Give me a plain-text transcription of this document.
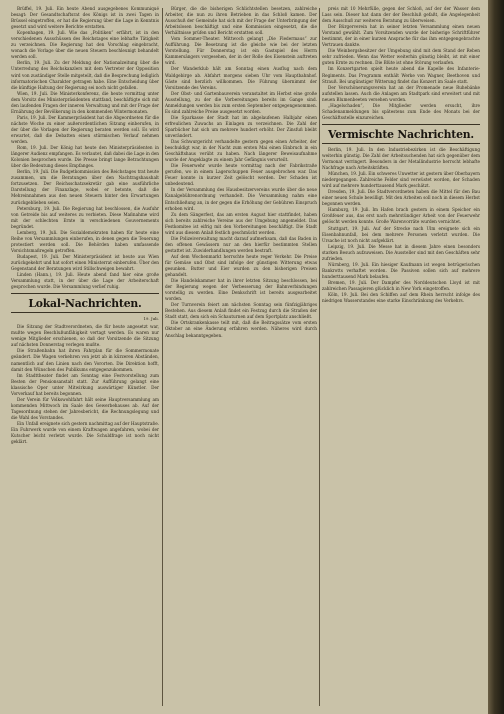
Brüffel, 19. Juli. Ein heute Abend ausgegebenes Kommuniqué besagt: Der Gesandtschaftsrat des Königs ist in zwei Tagen in Brüssel eingetroffen, er hat die Regierung über die Lage in Kenntnis gesetzt und wird weitere Berichte erstatten.

Kopenhagen, 19. Juli. Wie das „Politiken“ erfährt, ist in den verschiedenen Ausschüssen des Reichstages eine lebhafte Tätigkeit zu verzeichnen. Die Regierung hat den Vorschlag eingebracht, wonach die Vorlage über die neuen Steuern beschleunigt behandelt werden soll.

Berlin, 19. Juli. Zu der Meldung der Nationalzeitung über die Unterredung des Reichskanzlers mit dem Vertreter der Opposition wird von zuständiger Stelle mitgeteilt, daß die Besprechung lediglich informatorischen Charakter getragen habe. Eine Entscheidung über die künftige Haltung der Regierung sei noch nicht gefallen.

Wien, 19. Juli. Die Ministerkonferenz, die heute vormittag unter dem Vorsitz des Ministerpräsidenten stattfand, beschäftigte sich mit den laufenden Fragen der inneren Verwaltung und mit der Frage der Ernährung der Bevölkerung in den kommenden Wintermonaten.

Paris, 19. Juli. Der Kammerpräsident hat die Abgeordneten für die nächste Woche zu einer außerordentlichen Sitzung einberufen, in der über die Vorlagen der Regierung beraten werden soll. Es wird erwartet, daß die Debatten einen stürmischen Verlauf nehmen werden.

Rom, 19. Juli. Der König hat heute den Ministerpräsidenten in längerer Audienz empfangen. Es verlautet, daß dabei die Lage in den Kolonien besprochen wurde. Die Presse bringt lange Betrachtungen über die Bedeutung dieses Empfanges.

Berlin, 19. Juli. Die Budgetkommission des Reichstages trat heute zusammen, um die Beratungen über den Nachtragshaushalt fortzusetzen. Der Reichsschatzsekretär gab eine ausführliche Darstellung der Finanzlage, wobei er betonte, daß die Mehreinnahmen aus den neuen Steuern hinter den Erwartungen zurückgeblieben seien.

Petersburg, 19. Juli. Die Regierung hat beschlossen, die Ausfuhr von Getreide bis auf weiteres zu verbieten. Diese Maßnahme wird mit der schlechten Ernte in verschiedenen Gouvernements begründet.

Lemberg, 19. Juli. Die Sozialdemokraten haben für heute eine Reihe von Versammlungen einberufen, in denen gegen die Teuerung protestiert werden soll. Die Behörden haben umfassende Vorsichtsmaßregeln getroffen.

Budapest, 19. Juli. Der Ministerpräsident ist heute aus Wien zurückgekehrt und hat sofort einen Ministerrat einberufen. Über den Gegenstand der Beratungen wird Stillschweigen bewahrt.

Linden (Hann.), 19. Juli. Heute abend fand hier eine große Versammlung statt, in der über die Lage der Arbeiterschaft gesprochen wurde. Die Versammlung verlief ruhig.

Lokal-Nachrichten.
19. Juli.

Die Sitzung der Stadtverordneten, die für heute angesetzt war, mußte wegen Beschlußunfähigkeit vertagt werden. Es waren nur wenige Mitglieder erschienen, so daß der Vorsitzende die Sitzung auf nächsten Donnerstag verlegen mußte.

Die Straßenbahn hat ihren Fahrplan für die Sommermonate geändert. Die Wagen verkehren von jetzt ab in kürzeren Abständen, namentlich auf den Linien nach den Vororten. Die Direktion hofft, damit den Wünschen des Publikums entgegenzukommen.

Im Stadttheater findet am Sonntag eine Festvorstellung zum Besten der Pensionsanstalt statt. Zur Aufführung gelangt eine klassische Oper unter Mitwirkung auswärtiger Künstler. Der Vorverkauf hat bereits begonnen.

Der Verein für Volkswohlfahrt hält seine Hauptversammlung am kommenden Mittwoch im Saale des Gewerbehauses ab. Auf der Tagesordnung stehen der Jahresbericht, die Rechnungslegung und die Wahl des Vorstandes.

Ein Unfall ereignete sich gestern nachmittag auf der Hauptstraße. Ein Fuhrwerk wurde von einem Kraftwagen angefahren, wobei der Kutscher leicht verletzt wurde. Die Schuldfrage ist noch nicht geklärt.

Bürger, die die bisherigen Schlichtstellen besetzen, zahlreiche Arbeiter, die nun zu ihren Betrieben in das Schloß kamen. Der Ausschuß der Gemeinde hat sich mit der Frage der Unterbringung der Arbeitslosen beschäftigt und eine Kommission eingesetzt, die die Verhältnisse prüfen und Bericht erstatten soll.

Vom Sommer-Theater. Mittwoch gelangt „Die Fledermaus“ zur Aufführung. Die Besetzung ist die gleiche wie bei der letzten Vorstellung. Für Donnerstag ist ein Gastspiel des Herrn Kammersängers vorgesehen, der in der Rolle des Eisenstein auftreten wird.

Der Wanderklub hält am Sonntag einen Ausflug nach dem Waldgebirge ab. Abfahrt morgens sieben Uhr vom Hauptbahnhof. Gäste sind herzlich willkommen. Die Führung übernimmt der Vorsitzende des Vereins.

Der Obst- und Gartenbauverein veranstaltet im Herbst eine große Ausstellung, zu der die Vorbereitungen bereits im Gange sind. Anmeldungen werden bis zum ersten September entgegengenommen. Es sind zahlreiche Preise ausgesetzt worden.

Die Sparkasse der Stadt hat im abgelaufenen Halbjahr einen erfreulichen Zuwachs an Einlagen zu verzeichnen. Die Zahl der Sparbücher hat sich um mehrere hundert erhöht. Der Zinsfuß bleibt unverändert.

Das Schwurgericht verhandelte gestern gegen einen Arbeiter, der beschuldigt war, in der Nacht zum ersten Mai einen Einbruch in ein Geschäftshaus verübt zu haben. Nach längerer Beweisaufnahme wurde der Angeklagte zu einem Jahr Gefängnis verurteilt.

Die Feuerwehr wurde heute vormittag nach der Fabrikstraße gerufen, wo in einem Lagerschuppen Feuer ausgebrochen war. Das Feuer konnte in kurzer Zeit gelöscht werden. Der Schaden ist unbedeutend.

In der Versammlung des Hausbesitzervereins wurde über die neue Kanalgebührenordnung verhandelt. Die Versammlung nahm eine Entschließung an, in der gegen die Erhöhung der Gebühren Einspruch erhoben wird.

Zu dem Sängerfest, das am ersten August hier stattfindet, haben sich bereits zahlreiche Vereine aus der Umgebung angemeldet. Das Festkomitee ist eifrig mit den Vorbereitungen beschäftigt. Die Stadt wird aus diesem Anlaß festlich geschmückt werden.

Die Polizeiverwaltung macht darauf aufmerksam, daß das Baden in den offenen Gewässern nur an den hierfür bestimmten Stellen gestattet ist. Zuwiderhandlungen werden bestraft.

Auf dem Wochenmarkt herrschte heute reger Verkehr. Die Preise für Gemüse und Obst sind infolge der günstigen Witterung etwas gesunken. Butter und Eier wurden zu den bisherigen Preisen gehandelt.

Die Handelskammer hat in ihrer letzten Sitzung beschlossen, bei der Regierung wegen der Verbesserung der Bahnverbindungen vorstellig zu werden. Eine Denkschrift ist bereits ausgearbeitet worden.

Der Turnverein feiert am nächsten Sonntag sein fünfzigjähriges Bestehen. Aus diesem Anlaß findet ein Festzug durch die Straßen der Stadt statt, dem sich ein Schauturnen auf dem Sportplatz anschließt.

Die Ortskrankenkasse teilt mit, daß die Beitragssätze vom ersten Oktober an eine Änderung erfahren werden. Näheres wird durch Anschlag bekanntgegeben.

preis mit 10 Mehrfülle, gegen der Schloß, auf der der Wasser dem Lass sein. Dieser hat dann der der Beschluß gefaßt, die Angelegenheit dem Ausschuß zur weiteren Beratung zu überweisen.

Der Bürgerverein hat in seiner letzten Versammlung einen neuen Vorstand gewählt. Zum Vorsitzenden wurde der bisherige Schriftführer bestimmt, der in einer kurzen Ansprache für das ihm entgegengebrachte Vertrauen dankte.

Die Weinbergsbesitzer der Umgebung sind mit dem Stand der Reben sehr zufrieden. Wenn das Wetter weiterhin günstig bleibt, ist mit einer guten Ernte zu rechnen. Die Blüte ist ohne Störung verlaufen.

Im Konzertgarten spielt heute abend die Kapelle des Infanterie-Regiments. Das Programm enthält Werke von Wagner, Beethoven und Strauß. Bei ungünstiger Witterung findet das Konzert im Saale statt.

Der Verschönerungsverein hat an der Promenade neue Ruhebänke aufstellen lassen. Auch die Anlagen am Stadtpark sind erweitert und mit neuen Blumenbeeten versehen worden.

„Hagelschaden“, Die Mitglieder werden ersucht, ihre Schadenanmeldungen bis spätestens zum Ende des Monats bei der Geschäftsstelle einzureichen.

Vermischte Nachrichten.

Berlin, 19. Juli. In den Industriebezirken ist die Beschäftigung weiterhin günstig. Die Zahl der Arbeitsuchenden hat sich gegenüber dem Vormonat verringert. Besonders in der Metallindustrie herrscht lebhafte Nachfrage nach Arbeitskräften.

München, 19. Juli. Ein schweres Unwetter ist gestern über Oberbayern niedergegangen. Zahlreiche Felder sind verwüstet worden, der Schaden wird auf mehrere hunderttausend Mark geschätzt.

Dresden, 19. Juli. Die Stadtverordneten haben die Mittel für den Bau einer neuen Schule bewilligt. Mit den Arbeiten soll noch in diesem Herbst begonnen werden.

Hamburg, 19. Juli. Im Hafen brach gestern in einem Speicher ein Großfeuer aus, das erst nach mehrstündiger Arbeit von der Feuerwehr gelöscht werden konnte. Große Warenvorräte wurden vernichtet.

Stuttgart, 19. Juli. Auf der Strecke nach Ulm ereignete sich ein Eisenbahnunfall, bei dem mehrere Personen verletzt wurden. Die Ursache ist noch nicht aufgeklärt.

Leipzig, 19. Juli. Die Messe hat in diesem Jahre einen besonders starken Besuch aufzuweisen. Die Aussteller sind mit den Geschäften sehr zufrieden.

Nürnberg, 19. Juli. Ein hiesiger Kaufmann ist wegen betrügerischen Bankrotts verhaftet worden. Die Passiven sollen sich auf mehrere hunderttausend Mark belaufen.

Bremen, 19. Juli. Der Dampfer des Norddeutschen Lloyd ist mit zahlreichen Passagieren glücklich in New York eingetroffen.

Köln, 19. Juli. Bei den Schiffen auf dem Rhein herrscht infolge des niedrigen Wasserstandes eine starke Einschränkung des Verkehrs.
